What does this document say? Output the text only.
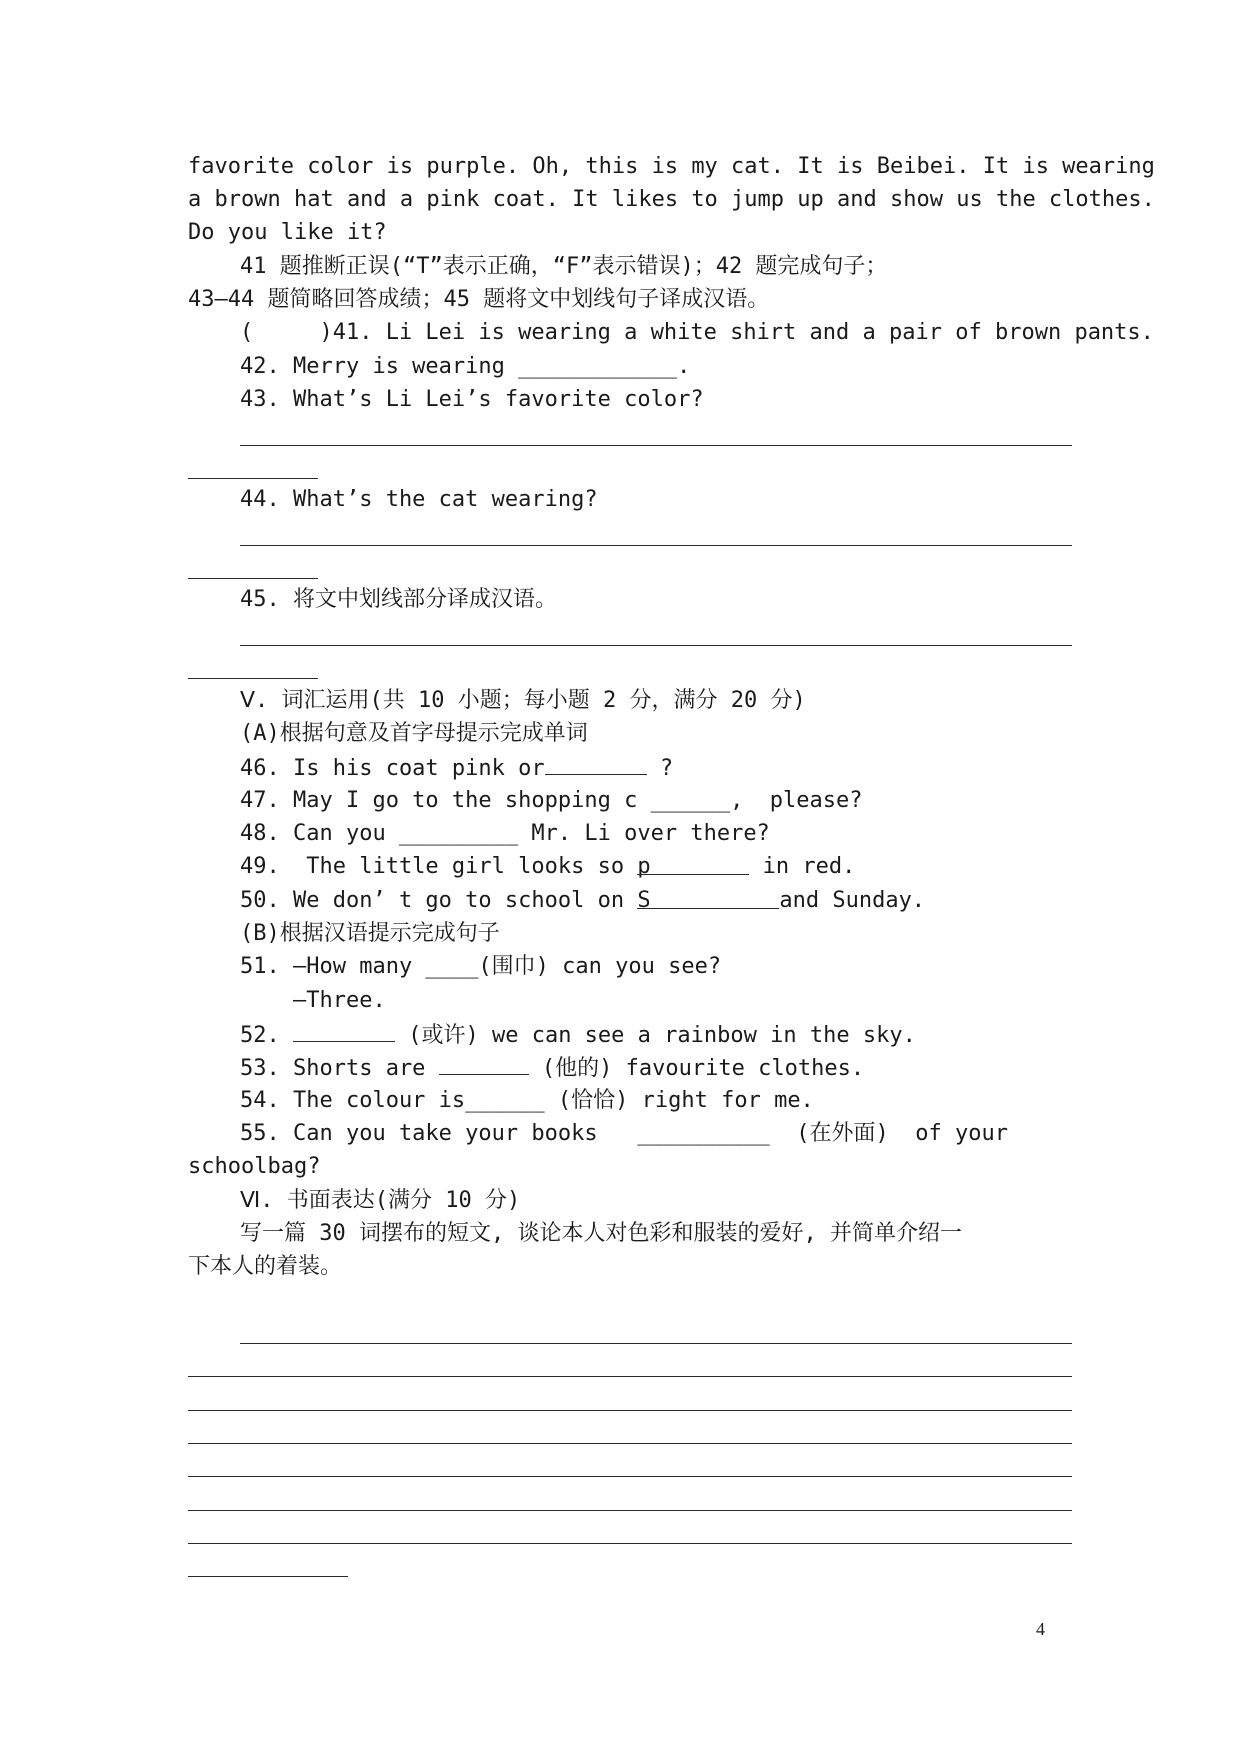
favorite color is purple. Oh, this is my cat. It is Beibei. It is wearing
a brown hat and a pink coat. It likes to jump up and show us the clothes.
Do you like it?
41 题推断正误(“T”表示正确，“F”表示错误)；42 题完成句子；
43—44 题简略回答成绩；45 题将文中划线句子译成汉语。
(     )41. Li Lei is wearing a white shirt and a pair of brown pants.
42. Merry is wearing ____________.
43. What’s Li Lei’s favorite color?
44. What’s the cat wearing?
45. 将文中划线部分译成汉语。
Ⅴ. 词汇运用(共 10 小题；每小题 2 分，满分 20 分)
(A)根据句意及首字母提示完成单词
46. Is his coat pink or	?
47. May I go to the shopping c ______,  please?
48. Can you _________ Mr. Li over there?
49.  The little girl looks so p	in red.
50. We don’ t go to school on S	and Sunday.
(B)根据汉语提示完成句子
51. —How many ____(围巾) can you see?
—Three.
52.	(或许) we can see a rainbow in the sky.
53. Shorts are	(他的) favourite clothes.
54. The colour is______ (恰恰) right for me.
55. Can you take your books   __________  (在外面)  of your
schoolbag?
Ⅵ. 书面表达(满分 10 分)
写一篇 30 词摆布的短文, 谈论本人对色彩和服装的爱好, 并简单介绍一
下本人的着装。
4
